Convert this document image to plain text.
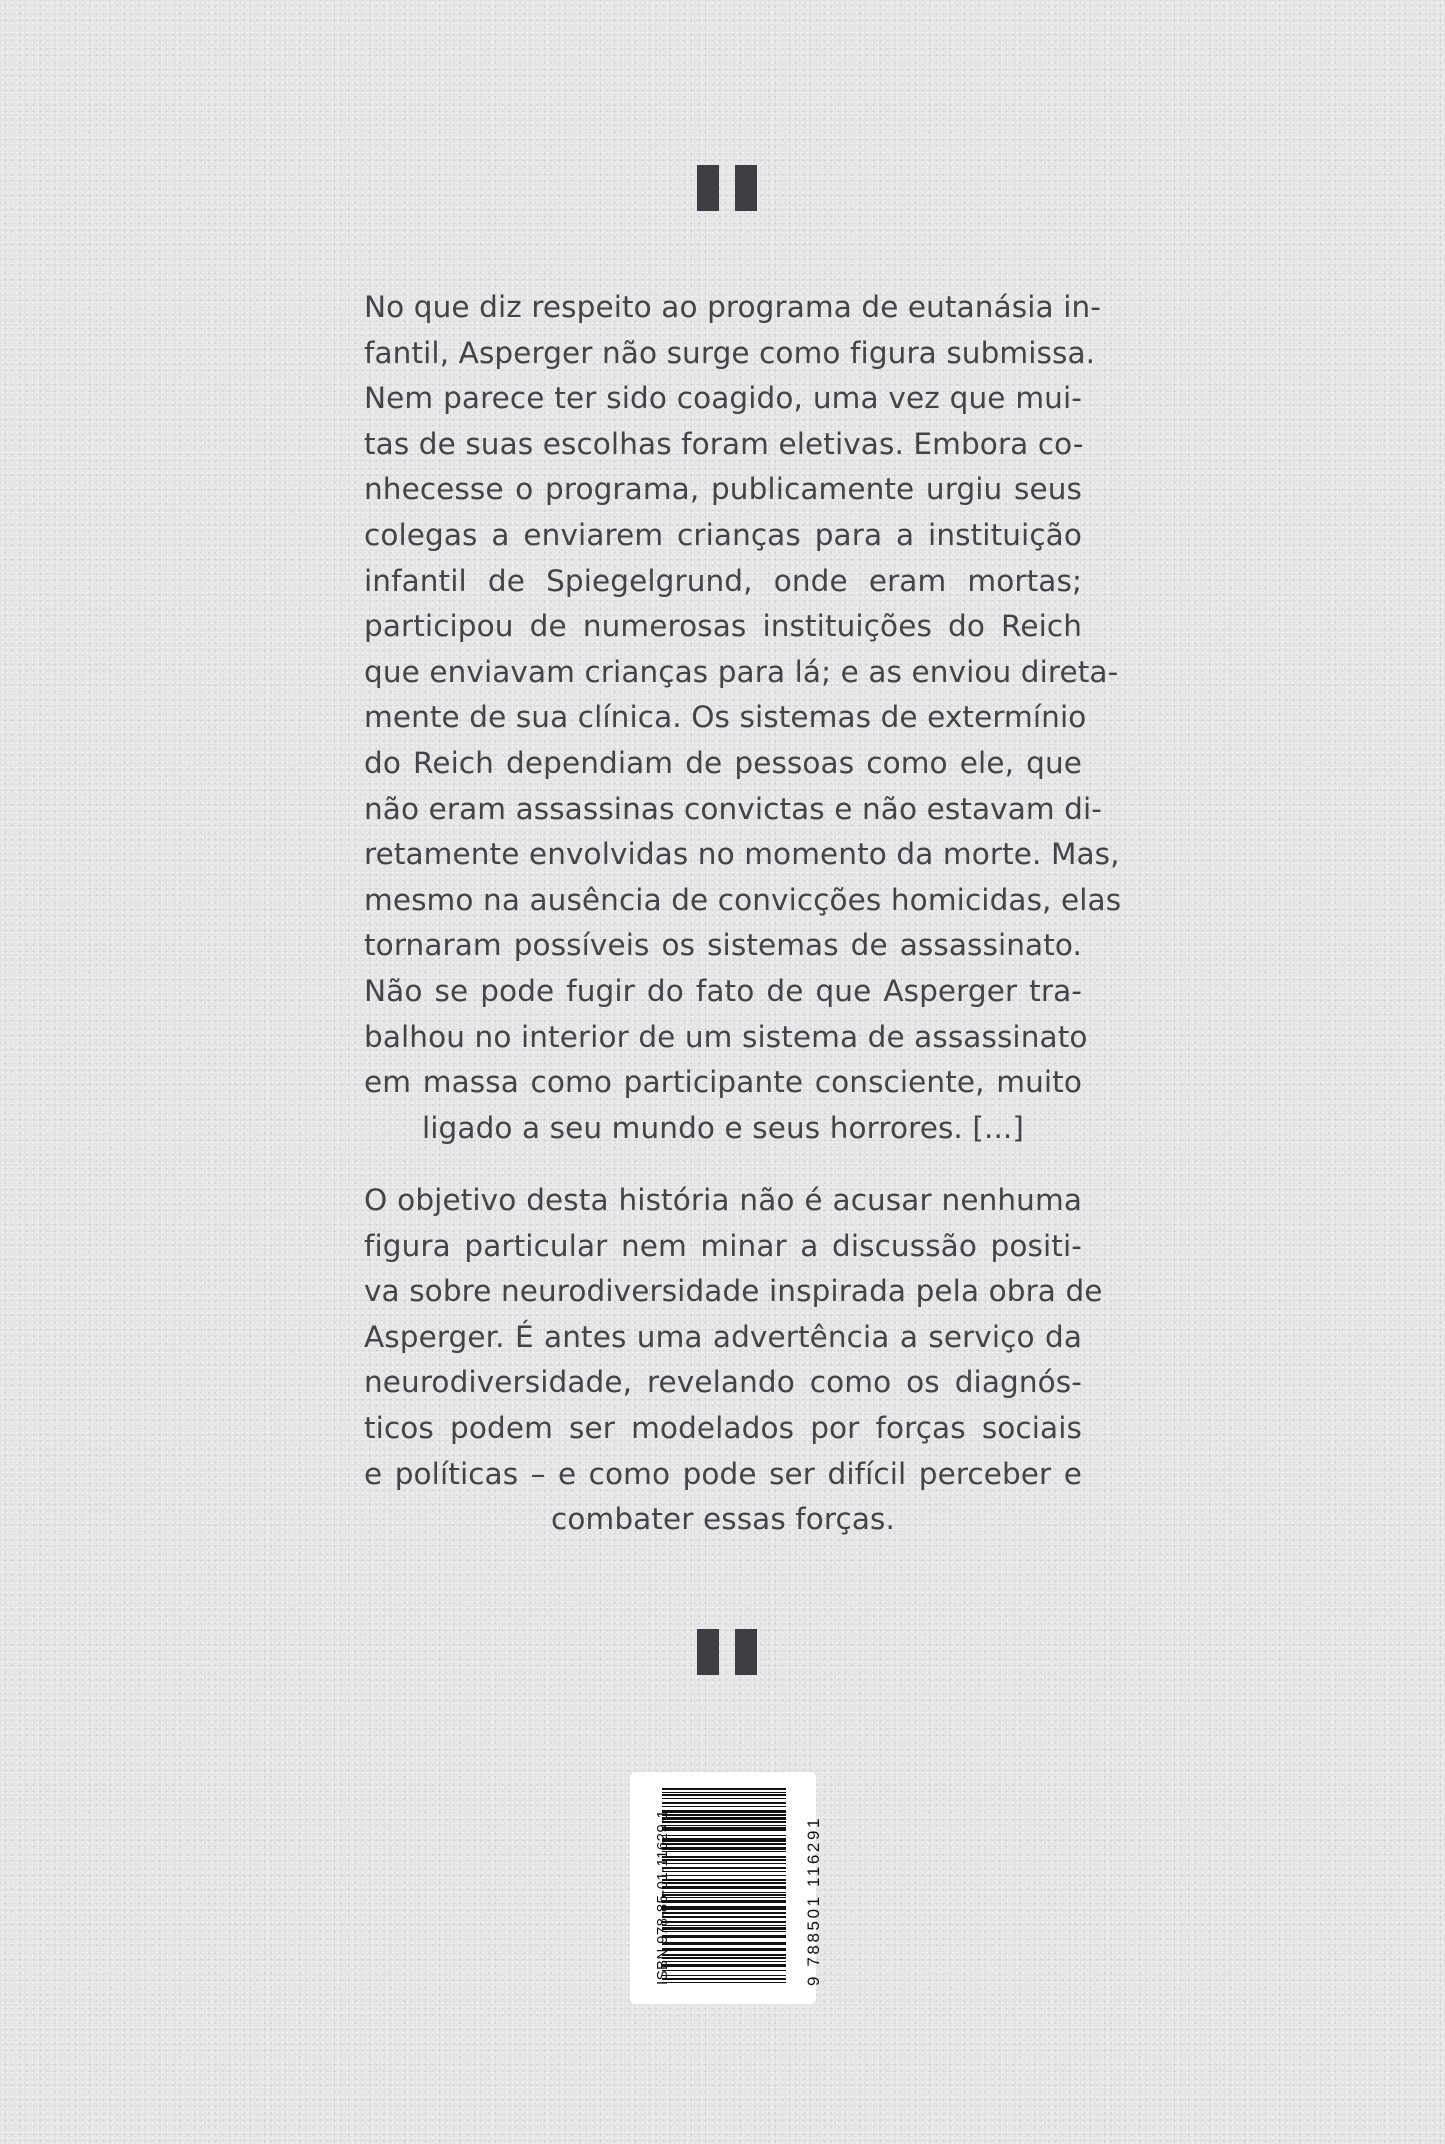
No que diz respeito ao programa de eutanásia in-
fantil, Asperger não surge como figura submissa.
Nem parece ter sido coagido, uma vez que mui-
tas de suas escolhas foram eletivas. Embora co-
nhecesse o programa, publicamente urgiu seus
colegas a enviarem crianças para a instituição
infantil de Spiegelgrund, onde eram mortas;
participou de numerosas instituições do Reich
que enviavam crianças para lá; e as enviou direta-
mente de sua clínica. Os sistemas de extermínio
do Reich dependiam de pessoas como ele, que
não eram assassinas convictas e não estavam di-
retamente envolvidas no momento da morte. Mas,
mesmo na ausência de convicções homicidas, elas
tornaram possíveis os sistemas de assassinato.
Não se pode fugir do fato de que Asperger tra-
balhou no interior de um sistema de assassinato
em massa como participante consciente, muito
ligado a seu mundo e seus horrores. [...]
O objetivo desta história não é acusar nenhuma
figura particular nem minar a discussão positi-
va sobre neurodiversidade inspirada pela obra de
Asperger. É antes uma advertência a serviço da
neurodiversidade, revelando como os diagnós-
ticos podem ser modelados por forças sociais
e políticas – e como pode ser difícil perceber e
combater essas forças.
ISBN 978-85-01-11629-1	9 788501 116291
